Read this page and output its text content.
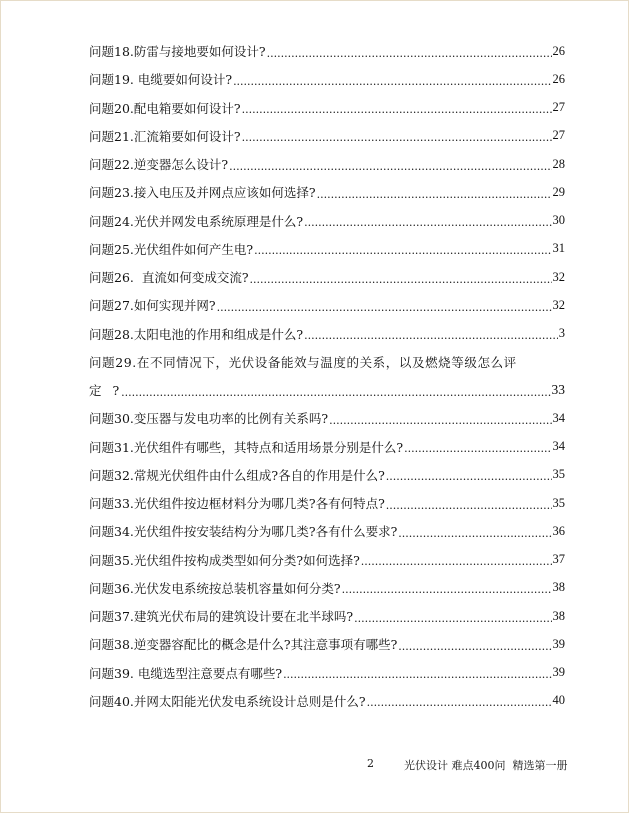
问题18.防雷与接地要如何设计? .....	26
问题19. 电缆要如何设计? .....	26
问题20.配电箱要如何设计? .....	27
问题21.汇流箱要如何设计? .....	27
问题22.逆变器怎么设计? .....	28
问题23.接入电压及并网点应该如何选择? .....	29
问题24.光伏并网发电系统原理是什么? .....	30
问题25.光伏组件如何产生电? .....	31
问题26.  直流如何变成交流? .....	32
问题27.如何实现并网? .....	32
问题28.太阳电池的作用和组成是什么? .....	3
问题29.在不同情况下，光伏设备能效与温度的关系，以及燃烧等级怎么评
定  ? .....	33
问题30.变压器与发电功率的比例有关系吗? .....	34
问题31.光伏组件有哪些，其特点和适用场景分别是什么? .....	34
问题32.常规光伏组件由什么组成?各自的作用是什么? .....	35
问题33.光伏组件按边框材料分为哪几类?各有何特点? .....	35
问题34.光伏组件按安装结构分为哪几类?各有什么要求? .....	36
问题35.光伏组件按构成类型如何分类?如何选择? .....	37
问题36.光伏发电系统按总装机容量如何分类? .....	38
问题37.建筑光伏布局的建筑设计要在北半球吗? .....	38
问题38.逆变器容配比的概念是什么?其注意事项有哪些? .....	39
问题39. 电缆选型注意要点有哪些? .....	39
问题40.并网太阳能光伏发电系统设计总则是什么? .....	40
2	光伏设计 难点400问  精选第一册
